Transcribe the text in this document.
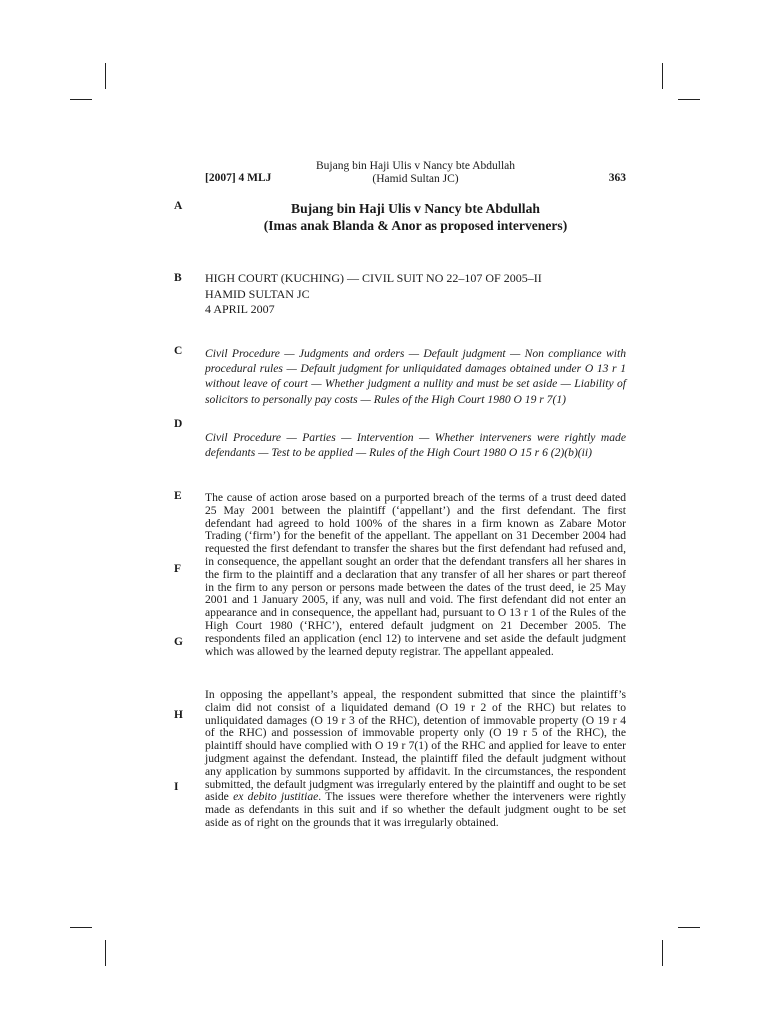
[2007] 4 MLJ
Bujang bin Haji Ulis v Nancy bte Abdullah
(Hamid Sultan JC)	363
A
B
C
D
E
F
G
H
I
Bujang bin Haji Ulis v Nancy bte Abdullah
(Imas anak Blanda & Anor as proposed interveners)
HIGH COURT (KUCHING) — CIVIL SUIT NO 22–107 OF 2005–II
HAMID SULTAN JC
4 APRIL 2007
Civil Procedure — Judgments and orders — Default judgment — Non compliance with procedural rules — Default judgment for unliquidated damages obtained under O 13 r 1 without leave of court — Whether judgment a nullity and must be set aside — Liability of solicitors to personally pay costs — Rules of the High Court 1980 O 19 r 7(1)
Civil Procedure — Parties — Intervention — Whether interveners were rightly made defendants — Test to be applied — Rules of the High Court 1980 O 15 r 6 (2)(b)(ii)

The cause of action arose based on a purported breach of the terms of a trust deed dated 25 May 2001 between the plaintiff (‘appellant’) and the first defendant. The first defendant had agreed to hold 100% of the shares in a firm known as Zabare Motor Trading (‘firm’) for the benefit of the appellant. The appellant on 31 December 2004 had requested the first defendant to transfer the shares but the first defendant had refused and, in consequence, the appellant sought an order that the defendant transfers all her shares in the firm to the plaintiff and a declaration that any transfer of all her shares or part thereof in the firm to any person or persons made between the dates of the trust deed, ie 25 May 2001 and 1 January 2005, if any, was null and void. The first defendant did not enter an appearance and in consequence, the appellant had, pursuant to O 13 r 1 of the Rules of the High Court 1980 (‘RHC’), entered default judgment on 21 December 2005. The respondents filed an application (encl 12) to intervene and set aside the default judgment which was allowed by the learned deputy registrar. The appellant appealed.

In opposing the appellant’s appeal, the respondent submitted that since the plaintiff’s claim did not consist of a liquidated demand (O 19 r 2 of the RHC) but relates to unliquidated damages (O 19 r 3 of the RHC), detention of immovable property (O 19 r 4 of the RHC) and possession of immovable property only (O 19 r 5 of the RHC), the plaintiff should have complied with O 19 r 7(1) of the RHC and applied for leave to enter judgment against the defendant. Instead, the plaintiff filed the default judgment without any application by summons supported by affidavit. In the circumstances, the respondent submitted, the default judgment was irregularly entered by the plaintiff and ought to be set aside ex debito justitiae. The issues were therefore whether the interveners were rightly made as defendants in this suit and if so whether the default judgment ought to be set aside as of right on the grounds that it was irregularly obtained.
